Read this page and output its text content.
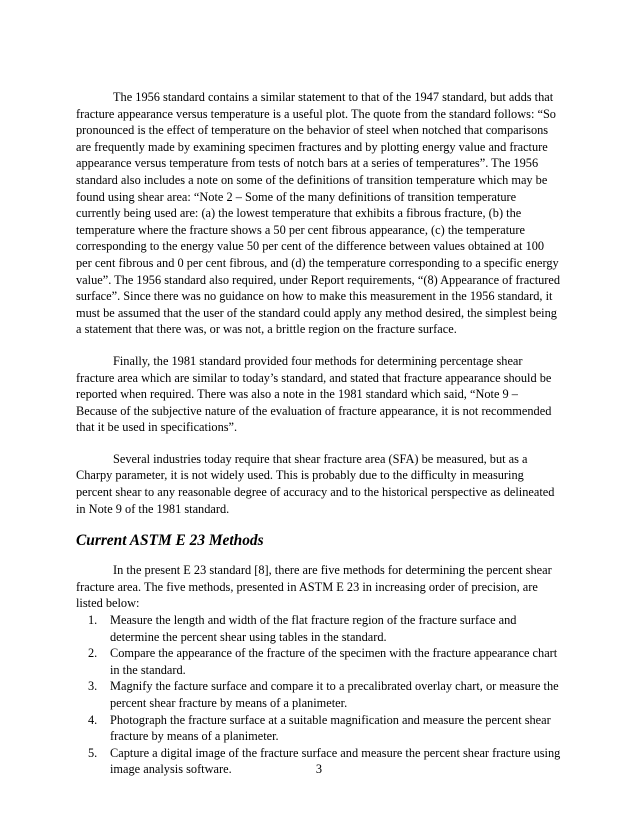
The 1956 standard contains a similar statement to that of the 1947 standard, but adds that fracture appearance versus temperature is a useful plot. The quote from the standard follows: “So pronounced is the effect of temperature on the behavior of steel when notched that comparisons are frequently made by examining specimen fractures and by plotting energy value and fracture appearance versus temperature from tests of notch bars at a series of temperatures”. The 1956 standard also includes a note on some of the definitions of transition temperature which may be found using shear area: “Note 2 – Some of the many definitions of transition temperature currently being used are: (a) the lowest temperature that exhibits a fibrous fracture, (b) the temperature where the fracture shows a 50 per cent fibrous appearance, (c) the temperature corresponding to the energy value 50 per cent of the difference between values obtained at 100 per cent fibrous and 0 per cent fibrous, and (d) the temperature corresponding to a specific energy value”. The 1956 standard also required, under Report requirements, “(8) Appearance of fractured surface”. Since there was no guidance on how to make this measurement in the 1956 standard, it must be assumed that the user of the standard could apply any method desired, the simplest being a statement that there was, or was not, a brittle region on the fracture surface.

Finally, the 1981 standard provided four methods for determining percentage shear fracture area which are similar to today’s standard, and stated that fracture appearance should be reported when required. There was also a note in the 1981 standard which said, “Note 9 – Because of the subjective nature of the evaluation of fracture appearance, it is not recommended that it be used in specifications”.

Several industries today require that shear fracture area (SFA) be measured, but as a Charpy parameter, it is not widely used. This is probably due to the difficulty in measuring percent shear to any reasonable degree of accuracy and to the historical perspective as delineated in Note 9 of the 1981 standard.

Current ASTM E 23 Methods

In the present E 23 standard [8], there are five methods for determining the percent shear fracture area. The five methods, presented in ASTM E 23 in increasing order of precision, are listed below:

1.	Measure the length and width of the flat fracture region of the fracture surface and determine the percent shear using tables in the standard.
2.	Compare the appearance of the fracture of the specimen with the fracture appearance chart in the standard.
3.	Magnify the facture surface and compare it to a precalibrated overlay chart, or measure the percent shear fracture by means of a planimeter.
4.	Photograph the fracture surface at a suitable magnification and measure the percent shear fracture by means of a planimeter.
5.	Capture a digital image of the fracture surface and measure the percent shear fracture using image analysis software.	3
